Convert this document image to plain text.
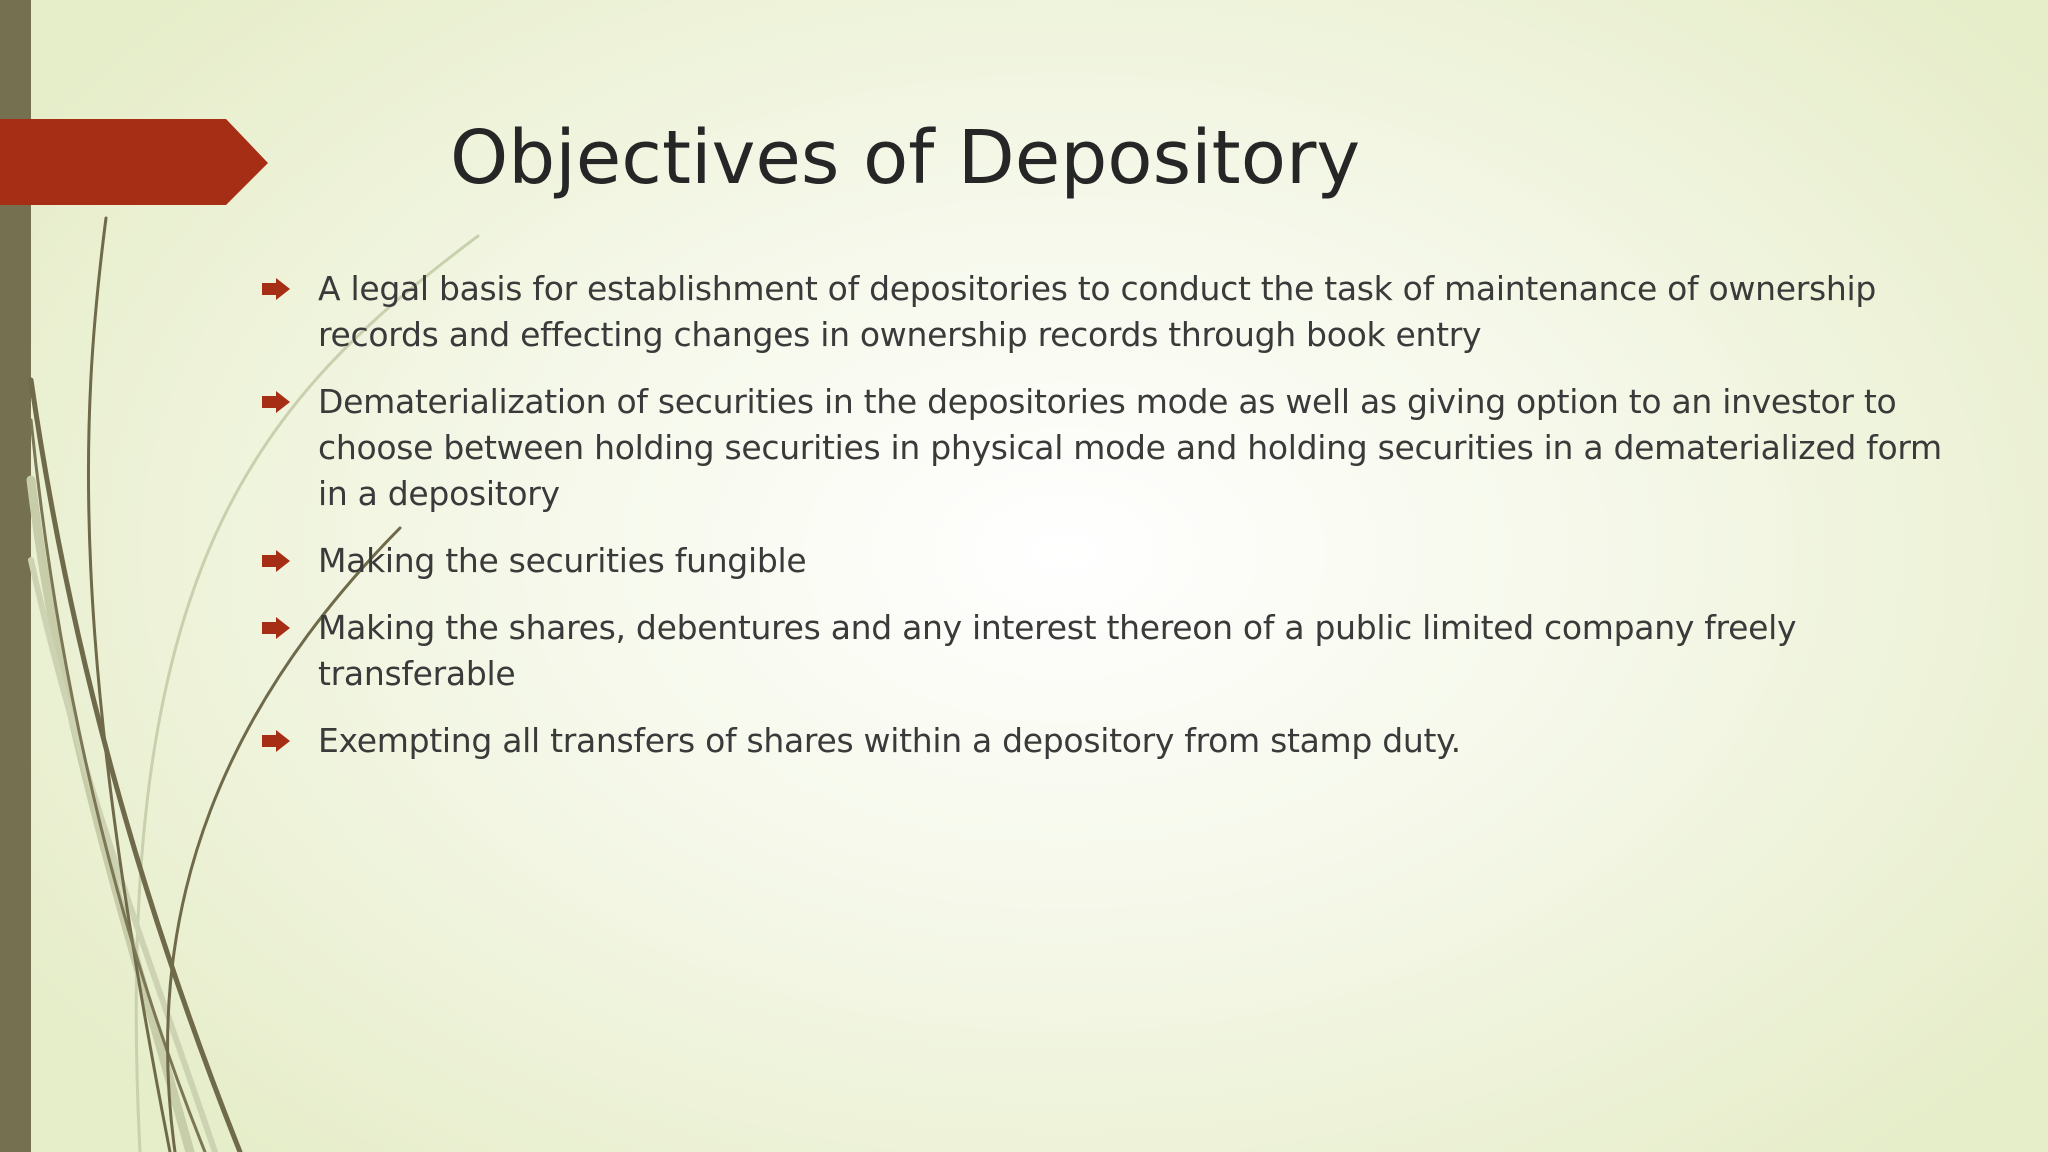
Objectives of Depository
A legal basis for establishment of depositories to conduct the task of maintenance of ownership records and effecting changes in ownership records through book entry
Dematerialization of securities in the depositories mode as well as giving option to an investor to choose between holding securities in physical mode and holding securities in a dematerialized form in a depository
Making the securities fungible
Making the shares, debentures and any interest thereon of a public limited company freely transferable
Exempting all transfers of shares within a depository from stamp duty.
